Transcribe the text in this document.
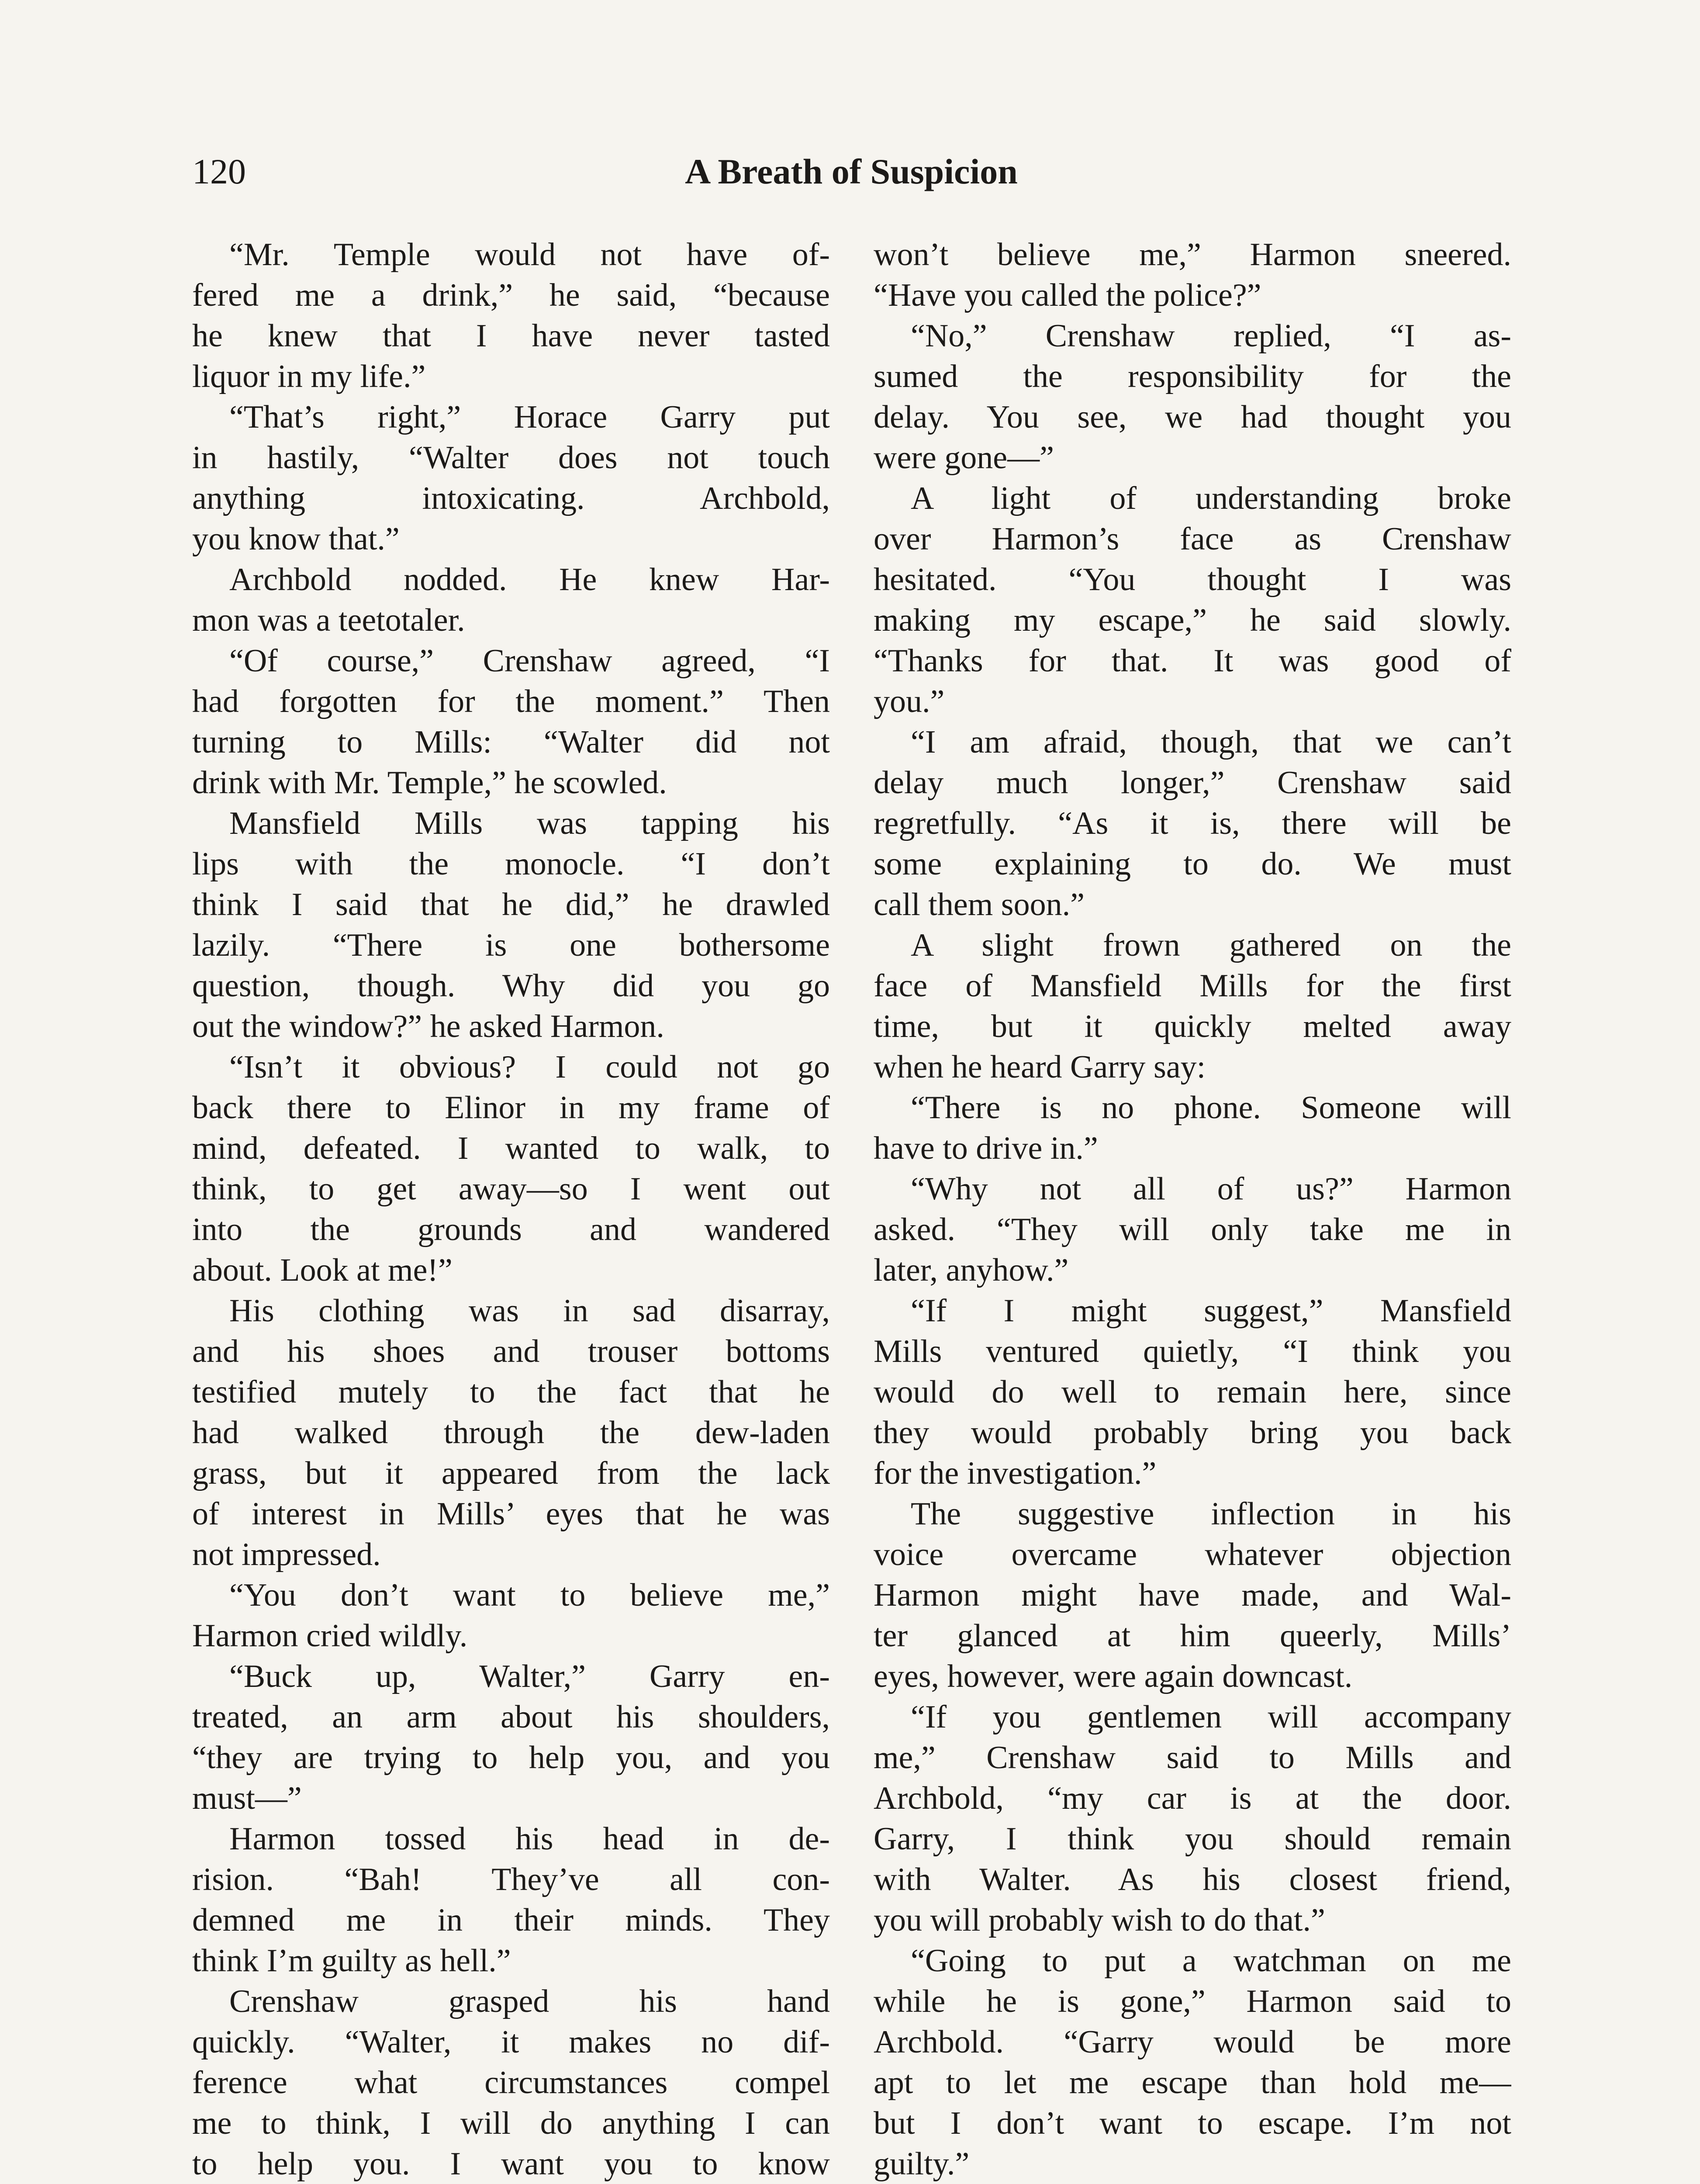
120	A Breath of Suspicion
“Mr. Temple would not have of-
fered me a drink,” he said, “because
he knew that I have never tasted
liquor in my life.”
“That’s right,” Horace Garry put
in hastily, “Walter does not touch
anything intoxicating. Archbold,
you know that.”
Archbold nodded. He knew Har-
mon was a teetotaler.
“Of course,” Crenshaw agreed, “I
had forgotten for the moment.” Then
turning to Mills: “Walter did not
drink with Mr. Temple,” he scowled.
Mansfield Mills was tapping his
lips with the monocle. “I don’t
think I said that he did,” he drawled
lazily. “There is one bothersome
question, though. Why did you go
out the window?” he asked Harmon.
“Isn’t it obvious? I could not go
back there to Elinor in my frame of
mind, defeated. I wanted to walk, to
think, to get away—so I went out
into the grounds and wandered
about. Look at me!”
His clothing was in sad disarray,
and his shoes and trouser bottoms
testified mutely to the fact that he
had walked through the dew-laden
grass, but it appeared from the lack
of interest in Mills’ eyes that he was
not impressed.
“You don’t want to believe me,”
Harmon cried wildly.
“Buck up, Walter,” Garry en-
treated, an arm about his shoulders,
“they are trying to help you, and you
must—”
Harmon tossed his head in de-
rision. “Bah! They’ve all con-
demned me in their minds. They
think I’m guilty as hell.”
Crenshaw grasped his hand
quickly. “Walter, it makes no dif-
ference what circumstances compel
me to think, I will do anything I can
to help you. I want you to know
won’t believe me,” Harmon sneered.
“Have you called the police?”
“No,” Crenshaw replied, “I as-
sumed the responsibility for the
delay. You see, we had thought you
were gone—”
A light of understanding broke
over Harmon’s face as Crenshaw
hesitated. “You thought I was
making my escape,” he said slowly.
“Thanks for that. It was good of
you.”
“I am afraid, though, that we can’t
delay much longer,” Crenshaw said
regretfully. “As it is, there will be
some explaining to do. We must
call them soon.”
A slight frown gathered on the
face of Mansfield Mills for the first
time, but it quickly melted away
when he heard Garry say:
“There is no phone. Someone will
have to drive in.”
“Why not all of us?” Harmon
asked. “They will only take me in
later, anyhow.”
“If I might suggest,” Mansfield
Mills ventured quietly, “I think you
would do well to remain here, since
they would probably bring you back
for the investigation.”
The suggestive inflection in his
voice overcame whatever objection
Harmon might have made, and Wal-
ter glanced at him queerly, Mills’
eyes, however, were again downcast.
“If you gentlemen will accompany
me,” Crenshaw said to Mills and
Archbold, “my car is at the door.
Garry, I think you should remain
with Walter. As his closest friend,
you will probably wish to do that.”
“Going to put a watchman on me
while he is gone,” Harmon said to
Archbold. “Garry would be more
apt to let me escape than hold me—
but I don’t want to escape. I’m not
guilty.”
